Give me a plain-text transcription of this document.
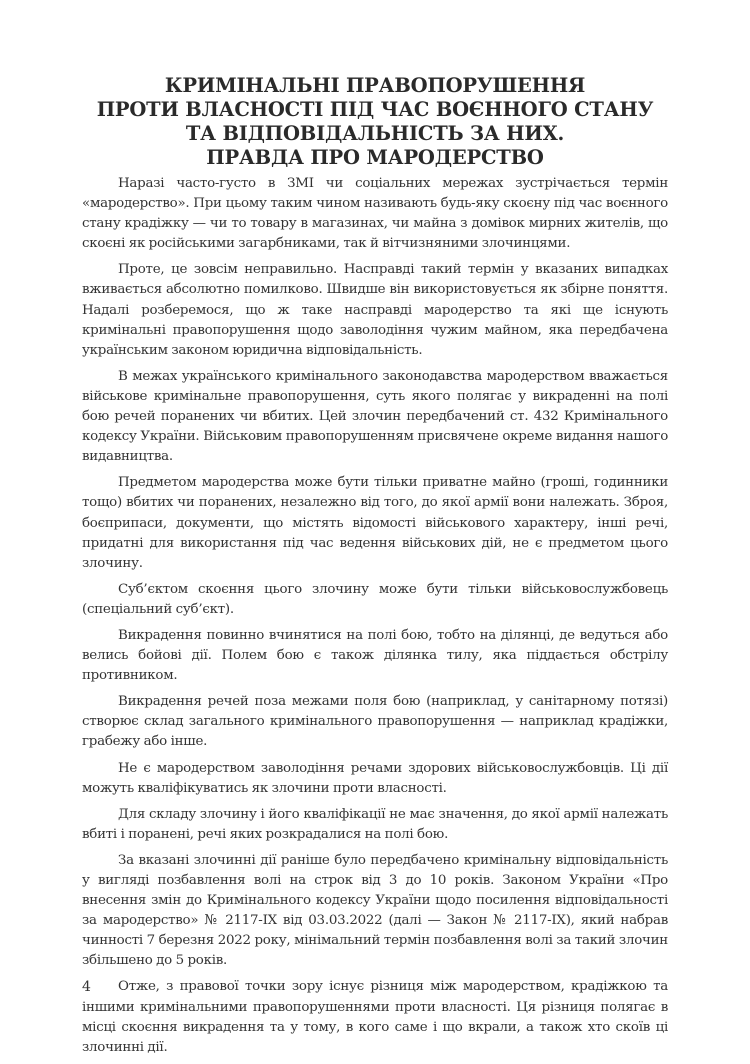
КРИМІНАЛЬНІ ПРАВОПОРУШЕННЯ
ПРОТИ ВЛАСНОСТІ ПІД ЧАС ВОЄННОГО СТАНУ
ТА ВІДПОВІДАЛЬНІСТЬ ЗА НИХ.
ПРАВДА ПРО МАРОДЕРСТВО

Наразі часто-густо в ЗМІ чи соціальних мережах зустрічається термін «мародерство». При цьому таким чином називають будь-яку скоєну під час воєнного стану крадіжку — чи то товару в магазинах, чи майна з домівок мирних жителів, що скоєні як російськими загарбниками, так й вітчизняними злочинцями.

Проте, це зовсім неправильно. Насправді такий термін у вказаних випадках вживається абсолютно помилково. Швидше він використовується як збірне поняття. Надалі розберемося, що ж таке насправді мародерство та які ще існують кримінальні правопорушення щодо заволодіння чужим майном, яка передбачена українським законом юридична відповідальність.

В межах українського кримінального законодавства мародерством вважається військове кримінальне правопорушення, суть якого полягає у викраденні на полі бою речей поранених чи вбитих. Цей злочин передбачений ст. 432 Кримінального кодексу України. Військовим правопорушенням присвячене окреме видання нашого видавництва.

Предметом мародерства може бути тільки приватне майно (гроші, годинники тощо) вбитих чи поранених, незалежно від того, до якої армії вони належать. Зброя, боєприпаси, документи, що містять відомості військового характеру, інші речі, придатні для використання під час ведення військових дій, не є предметом цього злочину.

Суб’єктом скоєння цього злочину може бути тільки військовослужбовець (спеціальний суб’єкт).

Викрадення повинно вчинятися на полі бою, тобто на ділянці, де ведуться або велись бойові дії. Полем бою є також ділянка тилу, яка піддається обстрілу противником.

Викрадення речей поза межами поля бою (наприклад, у санітарному потязі) створює склад загального кримінального правопорушення — наприклад крадіжки, грабежу або інше.

Не є мародерством заволодіння речами здорових військовослужбовців. Ці дії можуть кваліфікуватись як злочини проти власності.

Для складу злочину і його кваліфікації не має значення, до якої армії належать вбиті і поранені, речі яких розкрадалися на полі бою.

За вказані злочинні дії раніше було передбачено кримінальну відповідальність у вигляді позбавлення волі на строк від 3 до 10 років. Законом України «Про внесення змін до Кримінального кодексу України щодо посилення відповідальності за мародерство» № 2117-IX від 03.03.2022 (далі — Закон № 2117-IX), який набрав чинності 7 березня 2022 року, мінімальний термін позбавлення волі за такий злочин збільшено до 5 років.

Отже, з правової точки зору існує різниця між мародерством, крадіжкою та іншими кримінальними правопорушеннями проти власності. Ця різниця полягає в місці скоєння викрадення та у тому, в кого саме і що вкрали, а також хто скоїв ці злочинні дії.

4
